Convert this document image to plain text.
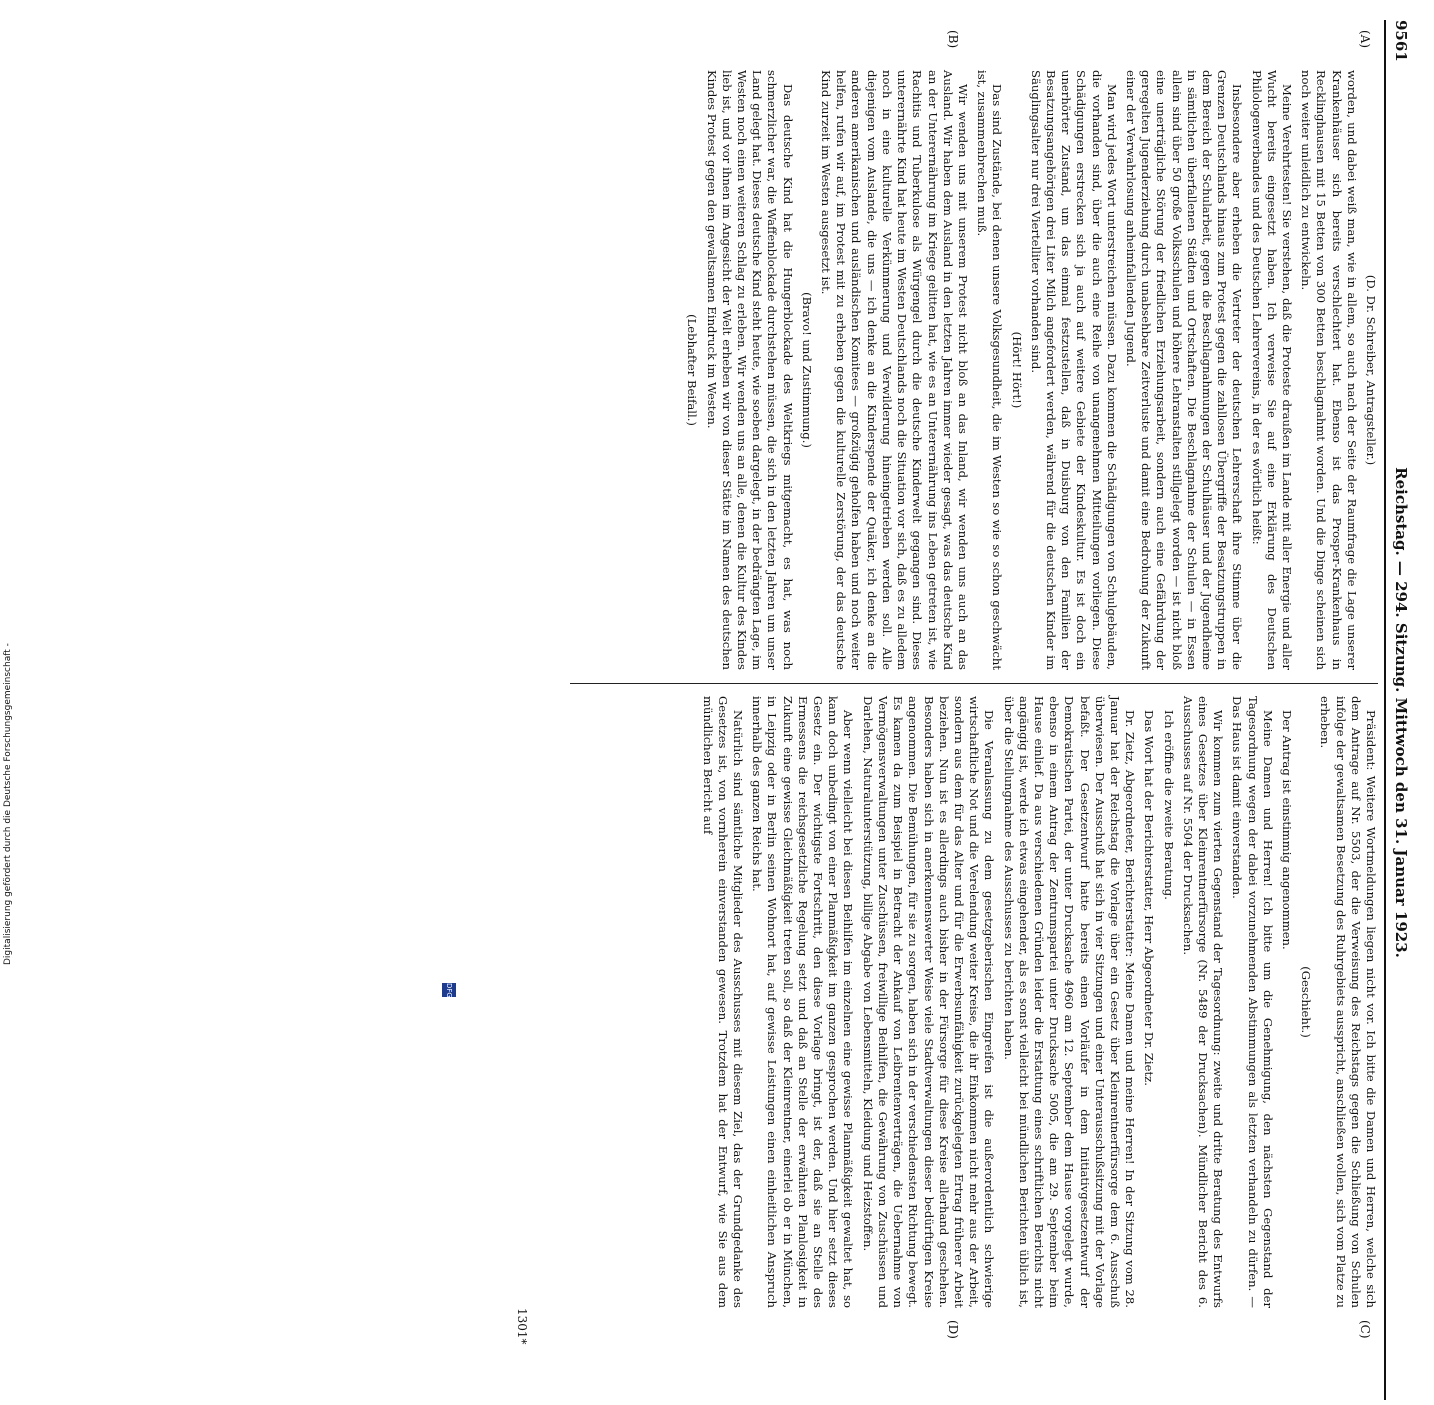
9561
Reichstag. — 294. Sitzung. Mittwoch den 31. Januar 1923.
(A)
(B)
(C)
(D)

(D. Dr. Schreiber, Antragsteller.)

worden, und dabei weiß man, wie in allem, so auch nach der Seite der Raumfrage die Lage unserer Krankenhäuser sich bereits verschlechtert hat. Ebenso ist das Prosper-Krankenhaus in Recklinghausen mit 15 Betten von 300 Betten beschlagnahmt worden. Und die Dinge scheinen sich noch weiter unleidlich zu entwickeln.

Meine Verehrtesten! Sie verstehen, daß die Proteste draußen im Lande mit aller Energie und aller Wucht bereits eingesetzt haben. Ich verweise Sie auf eine Erklärung des Deutschen Philologenverbandes und des Deutschen Lehrervereins, in der es wörtlich heißt:

Insbesondere aber erheben die Vertreter der deutschen Lehrerschaft ihre Stimme über die Grenzen Deutschlands hinaus zum Protest gegen die zahllosen Übergriffe der Besatzungstruppen in dem Bereich der Schularbeit, gegen die Beschlagnahmungen der Schulhäuser und der Jugendheime in sämtlichen überfallenen Städten und Ortschaften. Die Beschlagnahme der Schulen — in Essen allein sind über 50 große Volksschulen und höhere Lehranstalten stillgelegt worden — ist nicht bloß eine unerträgliche Störung der friedlichen Erziehungsarbeit, sondern auch eine Gefährdung der geregelten Jugenderziehung durch unabsehbare Zeitverluste und damit eine Bedrohung der Zukunft einer der Verwahrlosung anheimfallenden Jugend.

Man wird jedes Wort unterstreichen müssen. Dazu kommen die Schädigungen von Schulgebäuden, die vorhanden sind, über die auch eine Reihe von unangenehmen Mitteilungen vorliegen. Diese Schädigungen erstrecken sich ja auch auf weitere Gebiete der Kindeskultur. Es ist doch ein unerhörter Zustand, um das einmal festzustellen, daß in Duisburg von den Familien der Besatzungsangehörigen drei Liter Milch angefordert werden, während für die deutschen Kinder im Säuglingsalter nur drei Viertelliter vorhanden sind.

(Hört! Hört!)

Das sind Zustände, bei denen unsere Volksgesundheit, die im Westen so wie so schon geschwächt ist, zusammenbrechen muß.

Wir wenden uns mit unserem Protest nicht bloß an das Inland, wir wenden uns auch an das Ausland. Wir haben dem Ausland in den letzten Jahren immer wieder gesagt, was das deutsche Kind an der Unterernährung im Kriege gelitten hat, wie es an Unterernährung ins Leben getreten ist, wie Rachitis und Tuberkulose als Würgengel durch die deutsche Kinderwelt gegangen sind. Dieses unterernährte Kind hat heute im Westen Deutschlands noch die Situation vor sich, daß es zu alledem noch in eine kulturelle Verkümmerung und Verwilderung hineingetrieben werden soll. Alle diejenigen vom Auslande, die uns — ich denke an die Kinderspende der Quäker, ich denke an die anderen amerikanischen und ausländischen Komitees — großzügig geholfen haben und noch weiter helfen, rufen wir auf, im Protest mit zu erheben gegen die kulturelle Zerstörung, der das deutsche Kind zurzeit im Westen ausgesetzt ist.

(Bravo! und Zustimmung.)

Das deutsche Kind hat die Hungerblockade des Weltkriegs mitgemacht, es hat, was noch schmerzlicher war, die Waffenblockade durchstehen müssen, die sich in den letzten Jahren um unser Land gelegt hat. Dieses deutsche Kind steht heute, wie soeben dargelegt, in der bedrängten Lage, im Westen noch einen weiteren Schlag zu erleben. Wir wenden uns an alle, denen die Kultur des Kindes lieb ist, und vor ihnen im Angesicht der Welt erheben wir von dieser Stätte im Namen des deutschen Kindes Protest gegen den gewaltsamen Eindruck im Westen.

(Lebhafter Beifall.)

Präsident: Weitere Wortmeldungen liegen nicht vor. Ich bitte die Damen und Herren, welche sich dem Antrage auf Nr. 5503, der die Verweisung des Reichstags gegen die Schließung von Schulen infolge der gewaltsamen Besetzung des Ruhrgebiets ausspricht, anschließen wollen, sich vom Platze zu erheben.

(Geschieht.)

Der Antrag ist einstimmig angenommen.

Meine Damen und Herren! Ich bitte um die Genehmigung, den nächsten Gegenstand der Tagesordnung wegen der dabei vorzunehmenden Abstimmungen als letzten verhandeln zu dürfen. — Das Haus ist damit einverstanden.

Wir kommen zum vierten Gegenstand der Tagesordnung: zweite und dritte Beratung des Entwurfs eines Gesetzes über Kleinrentnerfürsorge (Nr. 5489 der Drucksachen). Mündlicher Bericht des 6. Ausschusses auf Nr. 5504 der Drucksachen.

Ich eröffne die zweite Beratung.

Das Wort hat der Berichterstatter, Herr Abgeordneter Dr. Zietz.

Dr. Zietz, Abgeordneter, Berichterstatter: Meine Damen und meine Herren! In der Sitzung vom 28. Januar hat der Reichstag die Vorlage über ein Gesetz über Kleinrentnerfürsorge dem 6. Ausschuß überwiesen. Der Ausschuß hat sich in vier Sitzungen und einer Unterausschußsitzung mit der Vorlage befaßt. Der Gesetzentwurf hatte bereits einen Vorläufer in dem Initiativgesetzentwurf der Demokratischen Partei, der unter Drucksache 4960 am 12. September dem Hause vorgelegt wurde, ebenso in einem Antrag der Zentrumspartei unter Drucksache 5005, die am 29. September beim Hause einlief. Da aus verschiedenen Gründen leider die Erstattung eines schriftlichen Berichts nicht angängig ist, werde ich etwas eingehender, als es sonst vielleicht bei mündlichen Berichten üblich ist, über die Stellungnahme des Ausschusses zu berichten haben.

Die Veranlassung zu dem gesetzgeberischen Eingreifen ist die außerordentlich schwierige wirtschaftliche Not und die Verelendung weiter Kreise, die ihr Einkommen nicht mehr aus der Arbeit, sondern aus dem für das Alter und für die Erwerbsunfähigkeit zurückgelegten Ertrag früherer Arbeit beziehen. Nun ist es allerdings auch bisher in der Fürsorge für diese Kreise allerhand geschehen. Besonders haben sich in anerkennenswerter Weise viele Stadtverwaltungen dieser bedürftigen Kreise angenommen. Die Bemühungen, für sie zu sorgen, haben sich in der verschiedensten Richtung bewegt. Es kamen da zum Beispiel in Betracht der Ankauf von Leibrentenverträgen, die Uebernahme von Vermögensverwaltungen unter Zuschüssen, freiwillige Beihilfen, die Gewährung von Zuschüssen und Darlehen, Naturalunterstützung, billige Abgabe von Lebensmitteln, Kleidung und Heizstoffen.

Aber wenn vielleicht bei diesen Beihilfen im einzelnen eine gewisse Planmäßigkeit gewaltet hat, so kann doch unbedingt von einer Planmäßigkeit im ganzen gesprochen werden. Und hier setzt dieses Gesetz ein. Der wichtigste Fortschritt, den diese Vorlage bringt, ist der, daß sie an Stelle des Ermessens die reichsgesetzliche Regelung setzt und daß an Stelle der erwähnten Planlosigkeit in Zukunft eine gewisse Gleichmäßigkeit treten soll, so daß der Kleinrentner, einerlei ob er in München, in Leipzig oder in Berlin seinen Wohnort hat, auf gewisse Leistungen einen einheitlichen Anspruch innerhalb des ganzen Reichs hat.

Natürlich sind sämtliche Mitglieder des Ausschusses mit diesem Ziel, das der Grundgedanke des Gesetzes ist, von vornherein einverstanden gewesen. Trotzdem hat der Entwurf, wie Sie aus dem mündlichen Bericht auf

1301*
DFG
Digitalisierung gefördert durch die Deutsche Forschungsgemeinschaft -
